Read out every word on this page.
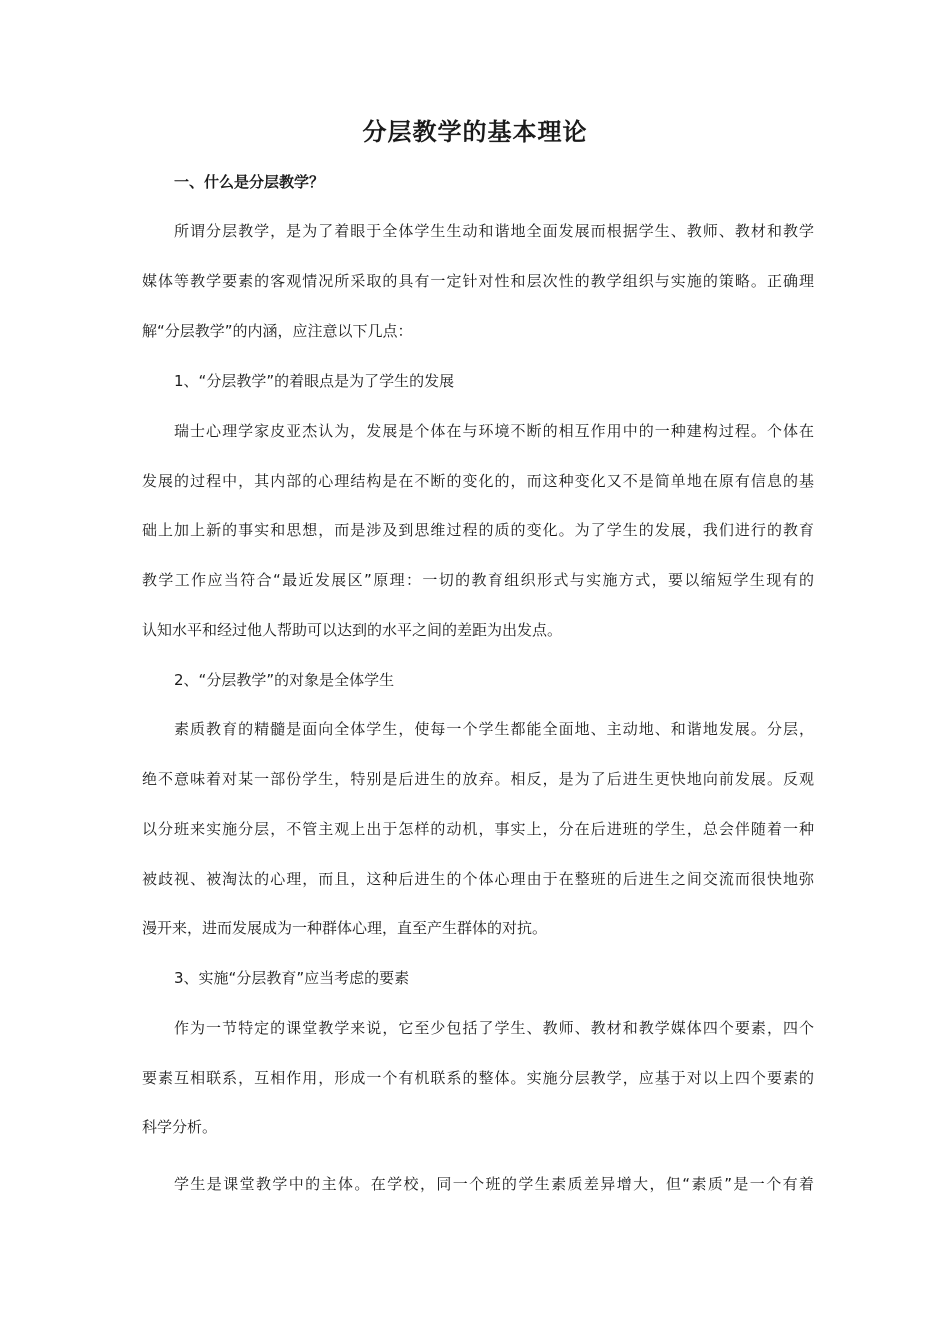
分层教学的基本理论
一、什么是分层教学？
所谓分层教学，是为了着眼于全体学生生动和谐地全面发展而根据学生、教师、教材和教学
媒体等教学要素的客观情况所采取的具有一定针对性和层次性的教学组织与实施的策略。正确理
解“分层教学”的内涵，应注意以下几点：
1、“分层教学”的着眼点是为了学生的发展
瑞士心理学家皮亚杰认为，发展是个体在与环境不断的相互作用中的一种建构过程。个体在
发展的过程中，其内部的心理结构是在不断的变化的，而这种变化又不是简单地在原有信息的基
础上加上新的事实和思想，而是涉及到思维过程的质的变化。为了学生的发展，我们进行的教育
教学工作应当符合“最近发展区”原理：一切的教育组织形式与实施方式，要以缩短学生现有的
认知水平和经过他人帮助可以达到的水平之间的差距为出发点。
2、“分层教学”的对象是全体学生
素质教育的精髓是面向全体学生，使每一个学生都能全面地、主动地、和谐地发展。分层，
绝不意味着对某一部份学生，特别是后进生的放弃。相反，是为了后进生更快地向前发展。反观
以分班来实施分层，不管主观上出于怎样的动机，事实上，分在后进班的学生，总会伴随着一种
被歧视、被淘汰的心理，而且，这种后进生的个体心理由于在整班的后进生之间交流而很快地弥
漫开来，进而发展成为一种群体心理，直至产生群体的对抗。
3、实施“分层教育”应当考虑的要素
作为一节特定的课堂教学来说，它至少包括了学生、教师、教材和教学媒体四个要素，四个
要素互相联系，互相作用，形成一个有机联系的整体。实施分层教学，应基于对以上四个要素的
科学分析。
学生是课堂教学中的主体。在学校，同一个班的学生素质差异增大，但“素质”是一个有着
